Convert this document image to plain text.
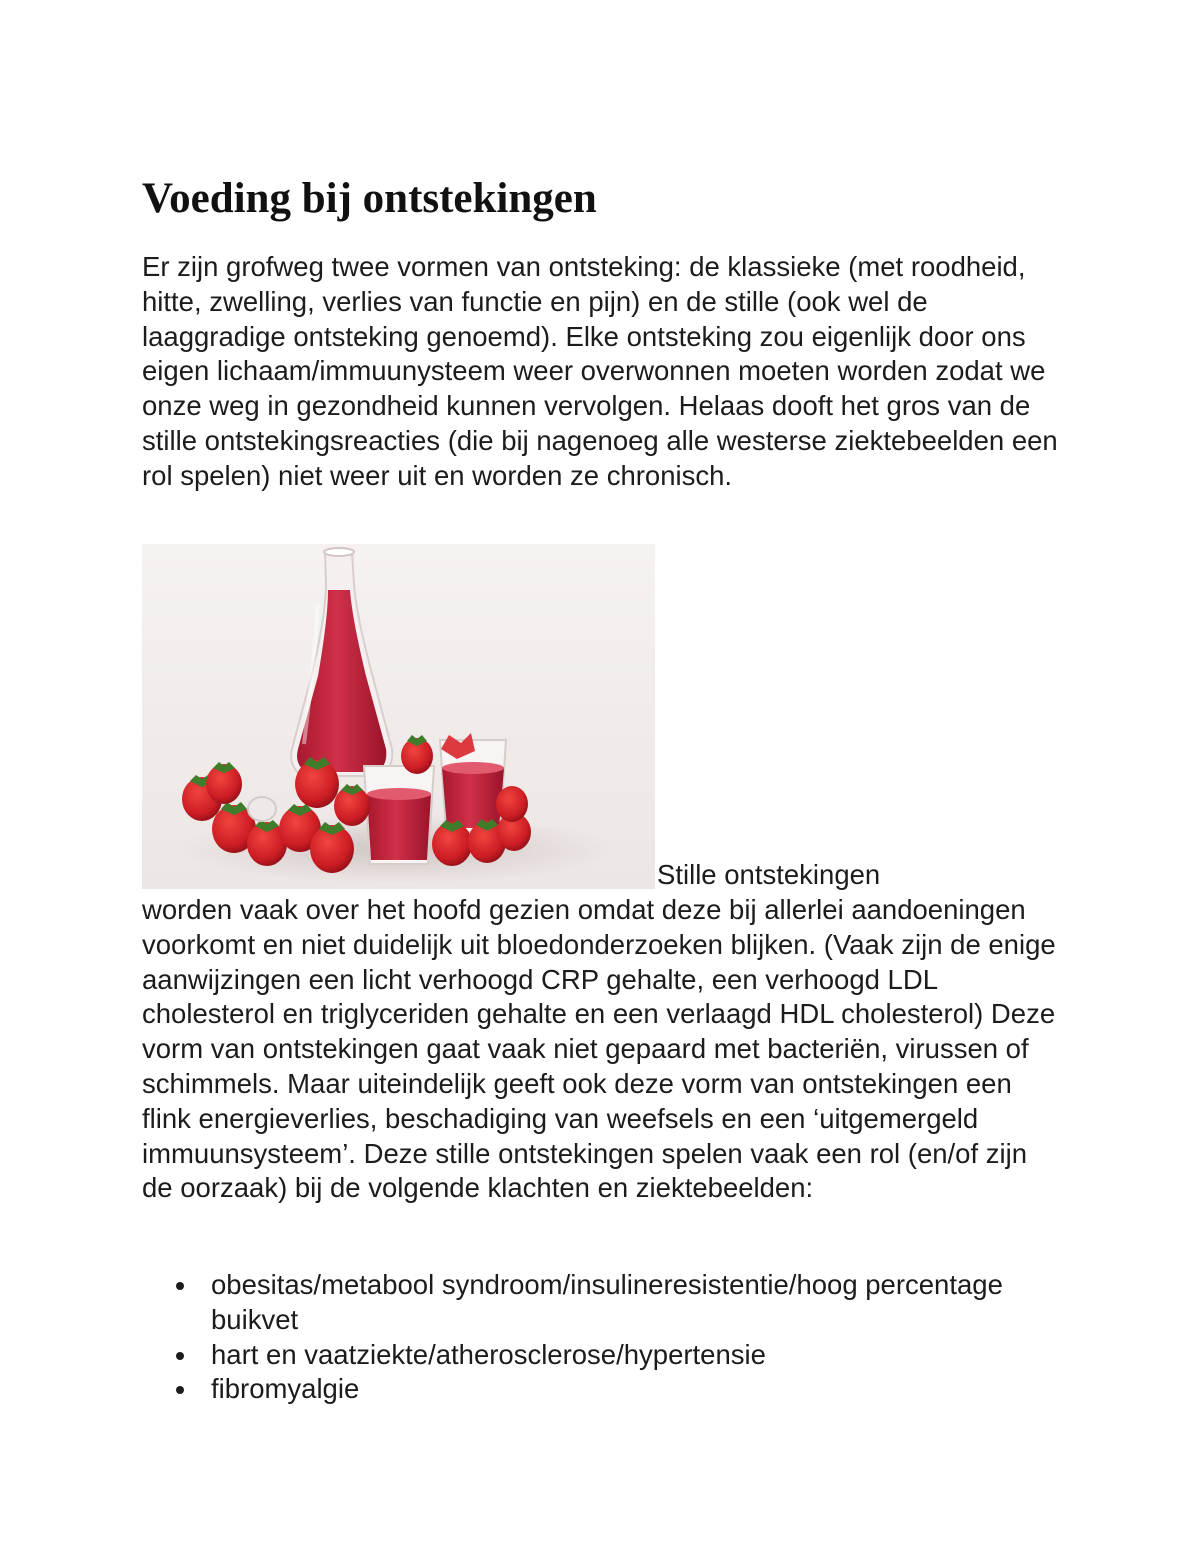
Voeding bij ontstekingen

Er zijn grofweg twee vormen van ontsteking: de klassieke (met roodheid, hitte, zwelling, verlies van functie en pijn) en de stille (ook wel de laaggradige ontsteking genoemd). Elke ontsteking zou eigenlijk door ons eigen lichaam/immuunysteem weer overwonnen moeten worden zodat we onze weg in gezondheid kunnen vervolgen. Helaas dooft het gros van de stille ontstekingsreacties (die bij nagenoeg alle westerse ziektebeelden een rol spelen) niet weer uit en worden ze chronisch.

Stille ontstekingen

worden vaak over het hoofd gezien omdat deze bij allerlei aandoeningen voorkomt en niet duidelijk uit bloedonderzoeken blijken. (Vaak zijn de enige aanwijzingen een licht verhoogd CRP gehalte, een verhoogd LDL cholesterol en triglyceriden gehalte en een verlaagd HDL cholesterol) Deze vorm van ontstekingen gaat vaak niet gepaard met bacteriën, virussen of schimmels. Maar uiteindelijk geeft ook deze vorm van ontstekingen een flink energieverlies, beschadiging van weefsels en een ‘uitgemergeld immuunsysteem’. Deze stille ontstekingen spelen vaak een rol (en/of zijn de oorzaak) bij de volgende klachten en ziektebeelden:

obesitas/metabool syndroom/insulineresistentie/hoog percentage buikvet
hart en vaatziekte/atherosclerose/hypertensie
fibromyalgie
